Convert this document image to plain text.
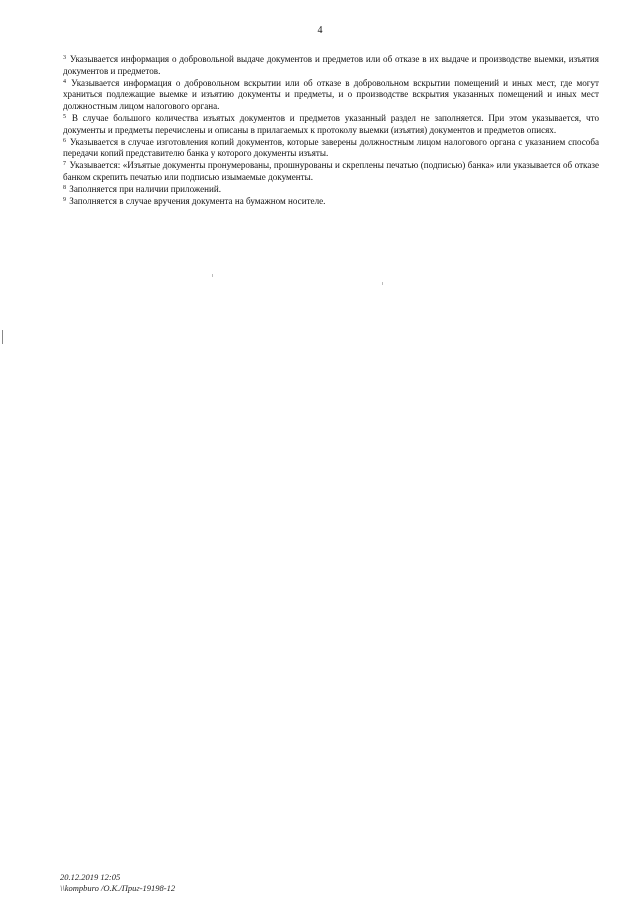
4

$^3$ Указывается информация о добровольной выдаче документов и предметов или об отказе в их выдаче и производстве выемки, изъятия документов и предметов.

$^4$ Указывается информация о добровольном вскрытии или об отказе в добровольном вскрытии помещений и иных мест, где могут храниться подлежащие выемке и изъятию документы и предметы, и о производстве вскрытия указанных помещений и иных мест должностным лицом налогового органа.

$^5$ В случае большого количества изъятых документов и предметов указанный раздел не заполняется. При этом указывается, что документы и предметы перечислены и описаны в прилагаемых к протоколу выемки (изъятия) документов и предметов описях.

$^6$ Указывается в случае изготовления копий документов, которые заверены должностным лицом налогового органа с указанием способа передачи копий представителю банка у которого документы изъяты.

$^7$ Указывается: «Изъятые документы пронумерованы, прошнурованы и скреплены печатью (подписью) банка» или указывается об отказе банком скрепить печатью или подписью изымаемые документы.

$^8$ Заполняется при наличии приложений.

$^9$ Заполняется в случае вручения документа на бумажном носителе.

20.12.2019 12:05
\\kompburo /О.К./Приг-19198-12
